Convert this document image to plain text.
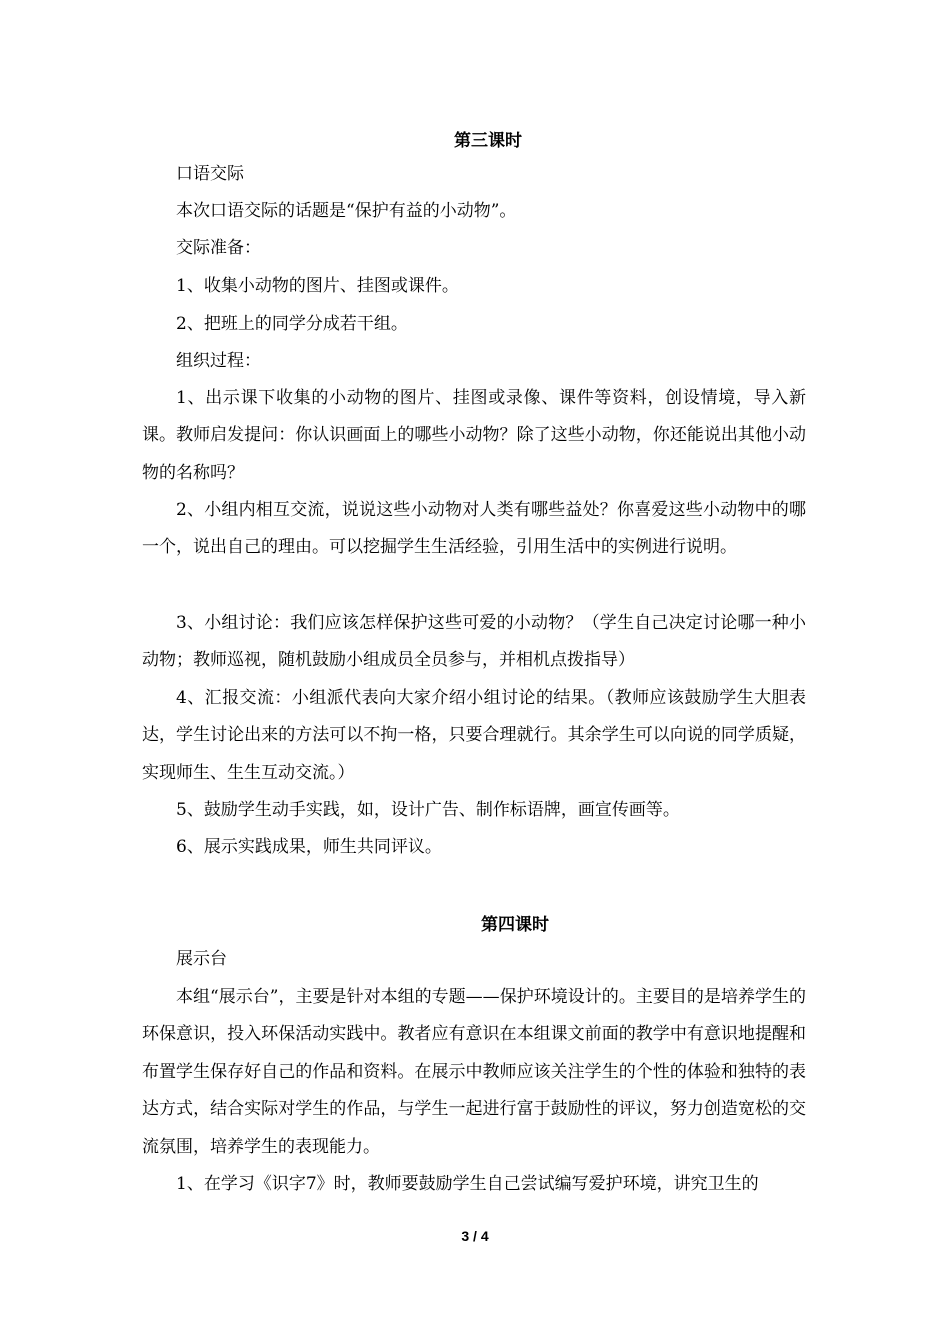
第三课时
口语交际
本次口语交际的话题是“保护有益的小动物”。
交际准备：
1、收集小动物的图片、挂图或课件。
2、把班上的同学分成若干组。
组织过程：

1、出示课下收集的小动物的图片、挂图或录像、课件等资料，创设情境，导入新课。教师启发提问：你认识画面上的哪些小动物？除了这些小动物，你还能说出其他小动物的名称吗？

2、小组内相互交流，说说这些小动物对人类有哪些益处？你喜爱这些小动物中的哪一个，说出自己的理由。可以挖掘学生生活经验，引用生活中的实例进行说明。

3、小组讨论：我们应该怎样保护这些可爱的小动物？（学生自己决定讨论哪一种小动物；教师巡视，随机鼓励小组成员全员参与，并相机点拨指导）

4、汇报交流：小组派代表向大家介绍小组讨论的结果。（教师应该鼓励学生大胆表达，学生讨论出来的方法可以不拘一格，只要合理就行。其余学生可以向说的同学质疑，实现师生、生生互动交流。）

5、鼓励学生动手实践，如，设计广告、制作标语牌，画宣传画等。

6、展示实践成果，师生共同评议。

第四课时
展示台

本组“展示台”，主要是针对本组的专题——保护环境设计的。主要目的是培养学生的环保意识，投入环保活动实践中。教者应有意识在本组课文前面的教学中有意识地提醒和布置学生保存好自己的作品和资料。在展示中教师应该关注学生的个性的体验和独特的表达方式，结合实际对学生的作品，与学生一起进行富于鼓励性的评议，努力创造宽松的交流氛围，培养学生的表现能力。

1、在学习《识字7》时，教师要鼓励学生自己尝试编写爱护环境，讲究卫生的

3 / 4
